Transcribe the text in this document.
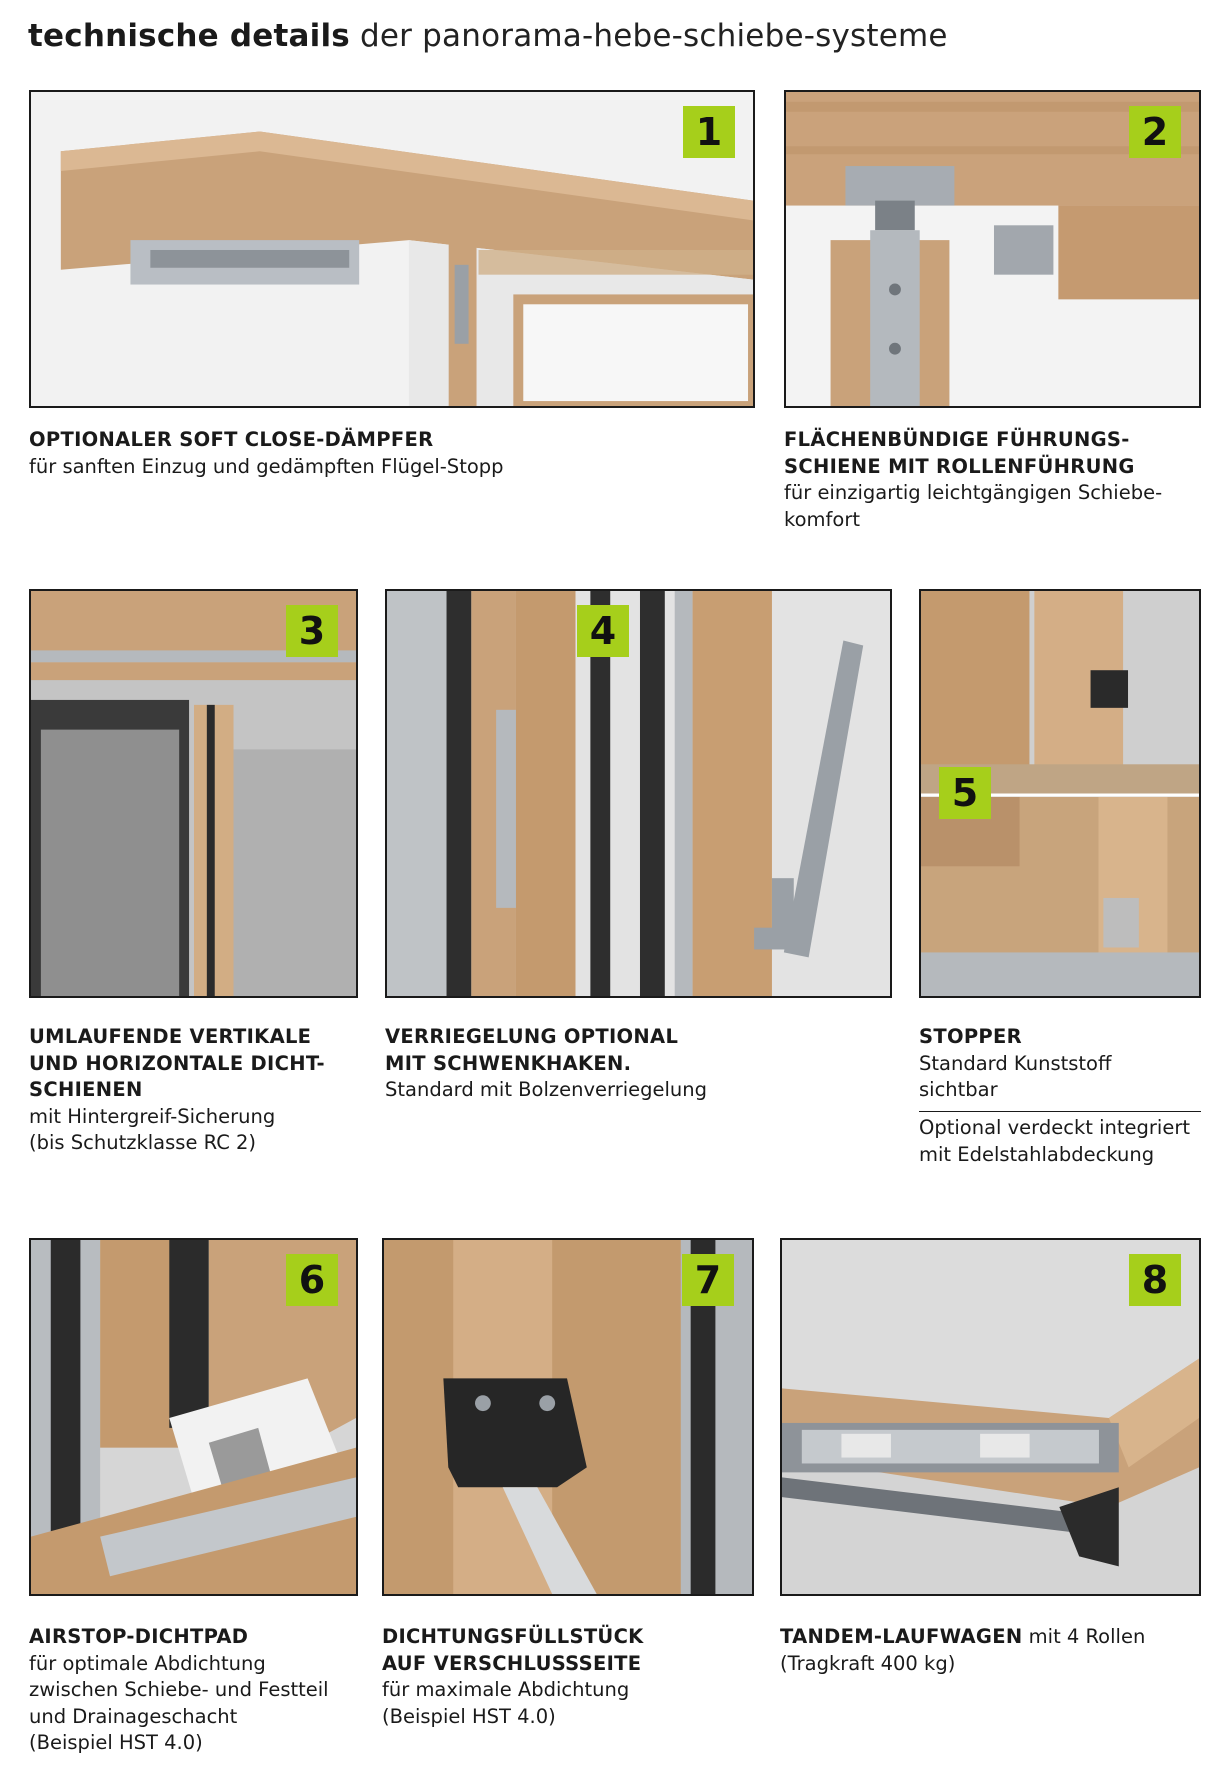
technische details der panorama-hebe-schiebe-systeme
1	2
OPTIONALER SOFT CLOSE-DÄMPFER
für sanften Einzug und gedämpften Flügel-Stopp
FLÄCHENBÜNDIGE FÜHRUNGS-
SCHIENE MIT ROLLENFÜHRUNG
für einzigartig leichtgängigen Schiebe-
komfort
3	4
5
UMLAUFENDE VERTIKALE
UND HORIZONTALE DICHT-
SCHIENEN
mit Hintergreif-Sicherung
(bis Schutzklasse RC 2)
VERRIEGELUNG OPTIONAL
MIT SCHWENKHAKEN.
Standard mit Bolzenverriegelung
STOPPER
Standard Kunststoff
sichtbar
Optional verdeckt integriert
mit Edelstahlabdeckung
6	7	8
AIRSTOP-DICHTPAD
für optimale Abdichtung
zwischen Schiebe- und Festteil
und Drainageschacht
(Beispiel HST 4.0)
DICHTUNGSFÜLLSTÜCK
AUF VERSCHLUSSSEITE
für maximale Abdichtung
(Beispiel HST 4.0)
TANDEM-LAUFWAGEN mit 4 Rollen
(Tragkraft 400 kg)
